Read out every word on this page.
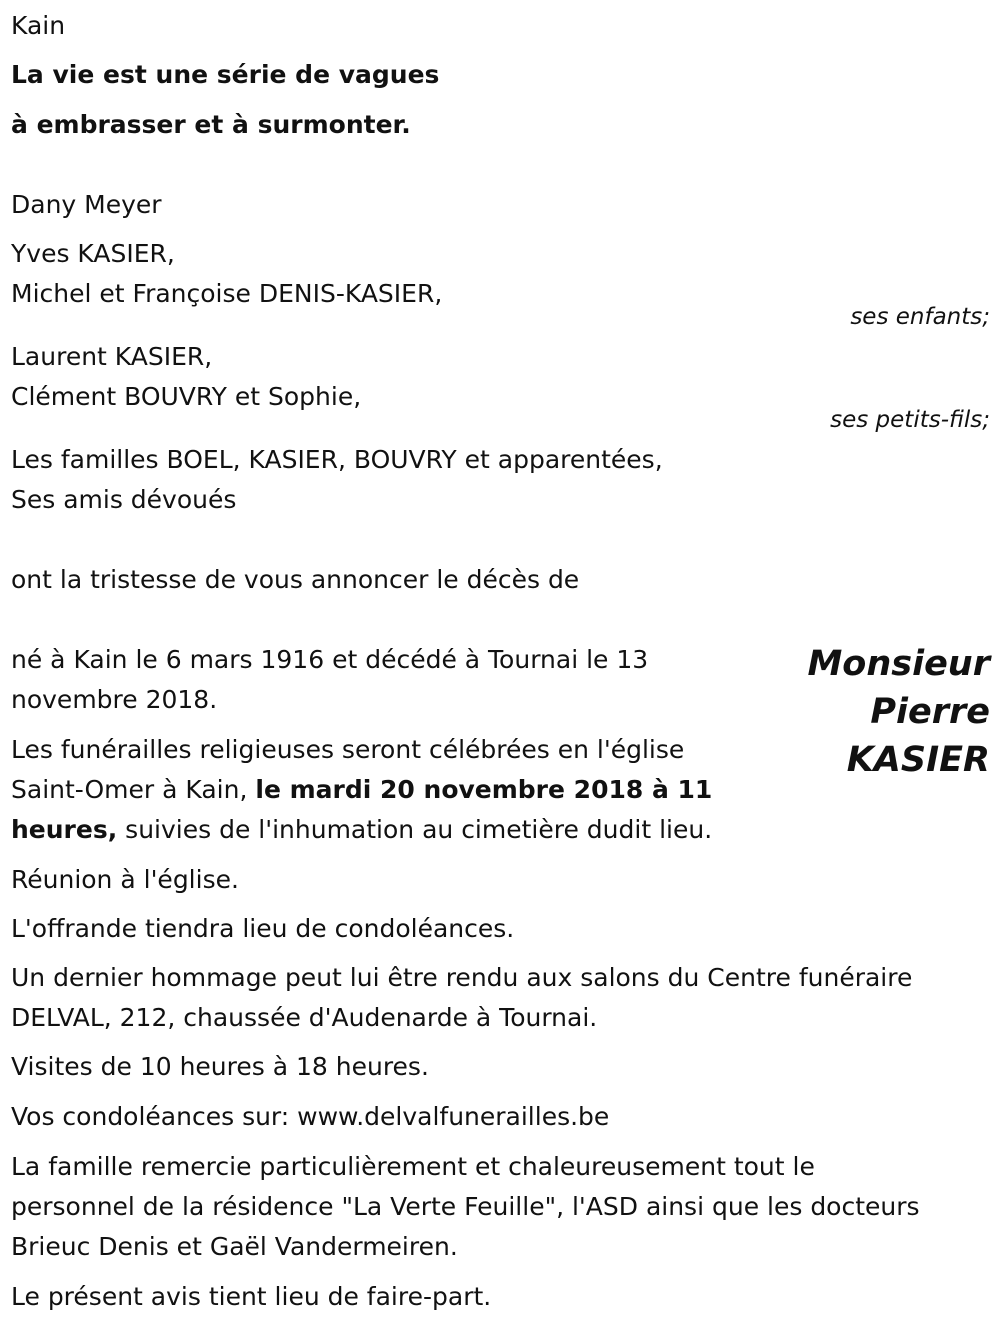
Kain
La vie est une série de vagues
à embrasser et à surmonter.
Dany Meyer
Yves KASIER,
Michel et Françoise DENIS-KASIER,
ses enfants;
Laurent KASIER,
Clément BOUVRY et Sophie,
ses petits-fils;
Les familles BOEL, KASIER, BOUVRY et apparentées,
Ses amis dévoués
ont la tristesse de vous annoncer le décès de
Monsieur
Pierre
KASIER
né à Kain le 6 mars 1916 et décédé à Tournai le 13
novembre 2018.
Les funérailles religieuses seront célébrées en l'église
Saint-Omer à Kain, le mardi 20 novembre 2018 à 11
heures, suivies de l'inhumation au cimetière dudit lieu.
Réunion à l'église.
L'offrande tiendra lieu de condoléances.
Un dernier hommage peut lui être rendu aux salons du Centre funéraire
DELVAL, 212, chaussée d'Audenarde à Tournai.
Visites de 10 heures à 18 heures.
Vos condoléances sur: www.delvalfunerailles.be
La famille remercie particulièrement et chaleureusement tout le
personnel de la résidence "La Verte Feuille", l'ASD ainsi que les docteurs
Brieuc Denis et Gaël Vandermeiren.
Le présent avis tient lieu de faire-part.
